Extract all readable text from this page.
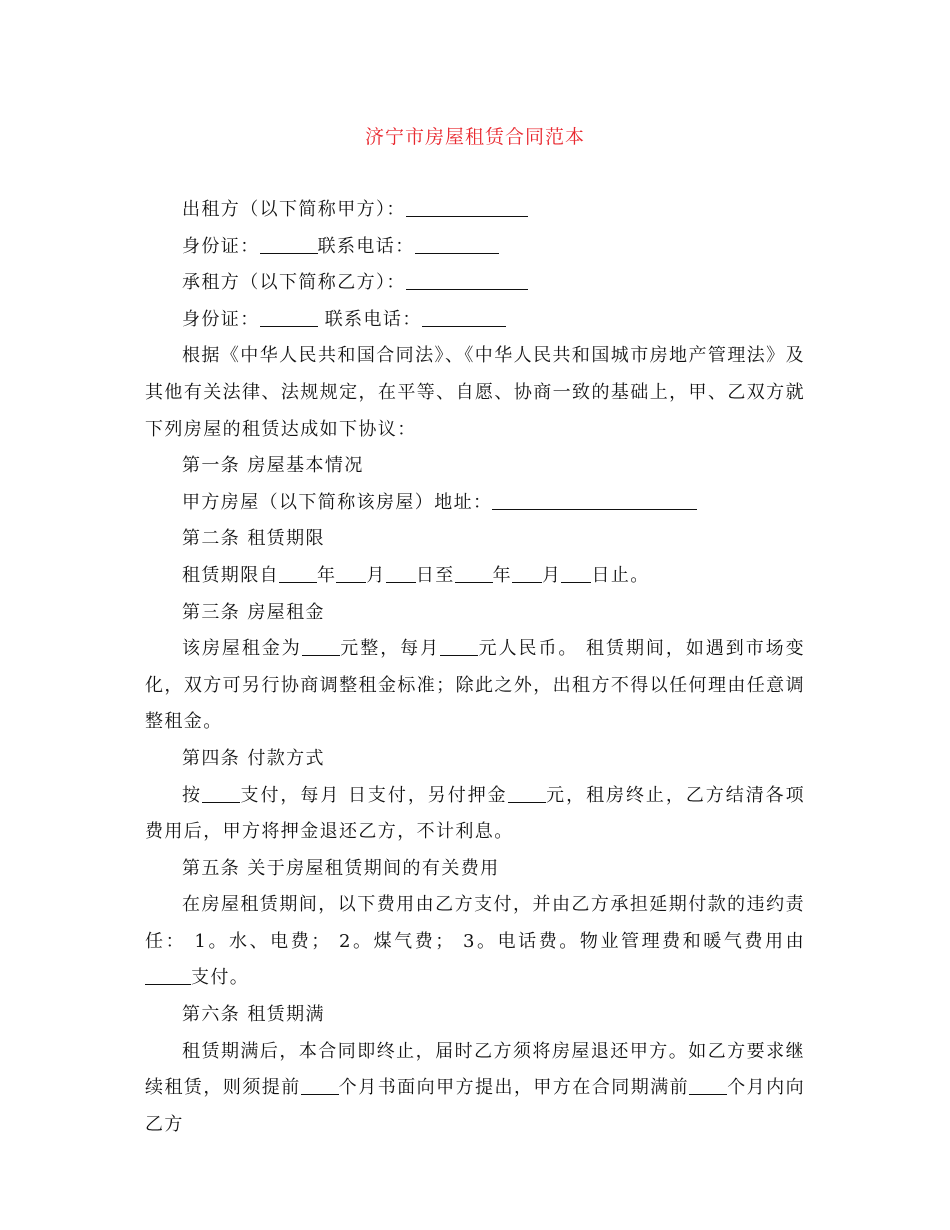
济宁市房屋租赁合同范本
出租方（以下简称甲方）：
身份证：	联系电话：
承租方（以下简称乙方）：
身份证：	联系电话：

根据《中华人民共和国合同法》、《中华人民共和国城市房地产管理法》及其他有关法律、法规规定，在平等、自愿、协商一致的基础上，甲、乙双方就下列房屋的租赁达成如下协议：

第一条 房屋基本情况
甲方房屋（以下简称该房屋）地址：
第二条 租赁期限
租赁期限自 年 月 日至 年 月 日止。
第三条 房屋租金

该房屋租金为 元整，每月 元人民币。 租赁期间，如遇到市场变化，双方可另行协商调整租金标准；除此之外，出租方不得以任何理由任意调整租金。

第四条 付款方式

按 支付，每月 日支付，另付押金 元，租房终止，乙方结清各项费用后，甲方将押金退还乙方，不计利息。

第五条 关于房屋租赁期间的有关费用

在房屋租赁期间，以下费用由乙方支付，并由乙方承担延期付款的违约责任： 1。水、电费； 2。煤气费； 3。电话费。物业管理费和暖气费用由支付。

第六条 租赁期满

租赁期满后，本合同即终止，届时乙方须将房屋退还甲方。如乙方要求继续租赁，则须提前 个月书面向甲方提出，甲方在合同期满前 个月内向乙方
